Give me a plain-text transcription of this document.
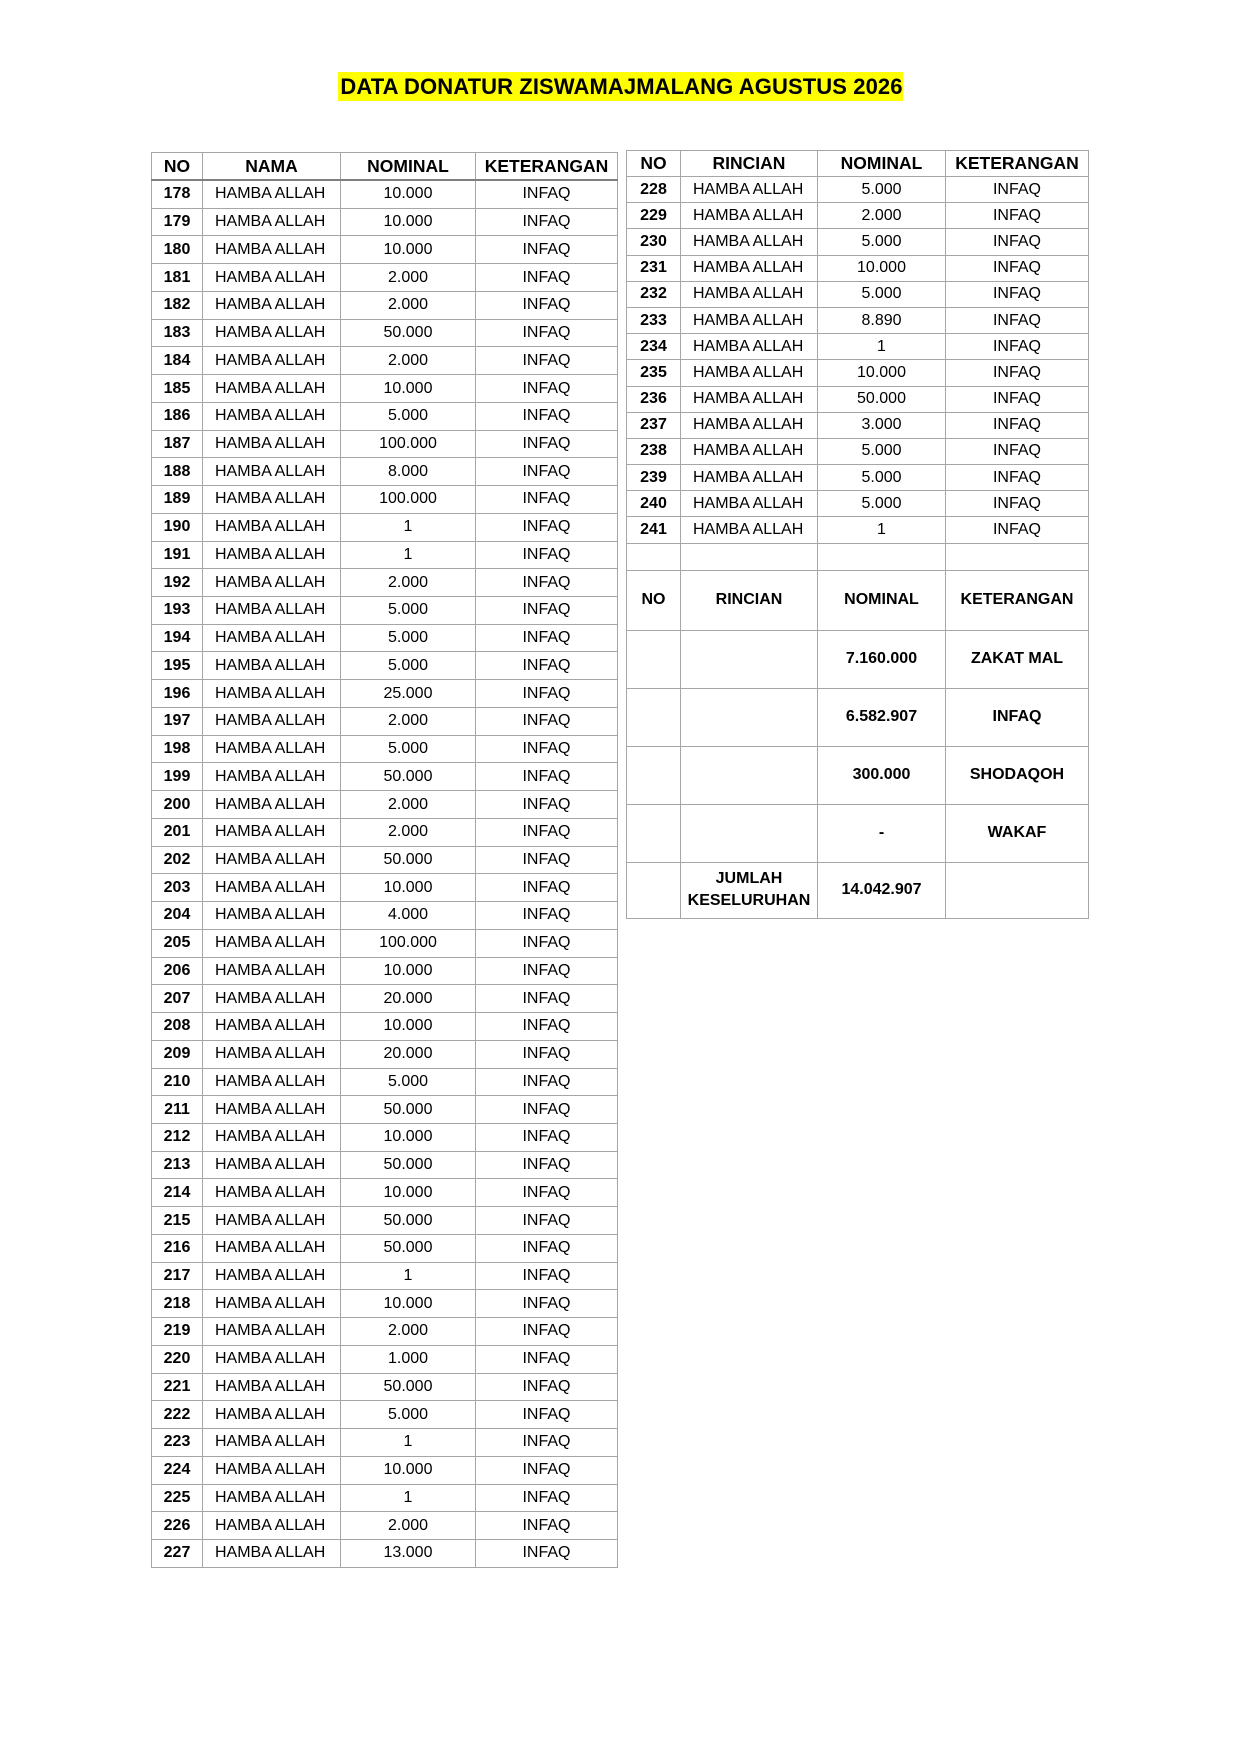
DATA DONATUR ZISWAMAJMALANG AGUSTUS 2026
NO	NAMA	NOMINAL	KETERANGAN
178	HAMBA ALLAH	10.000	INFAQ
179	HAMBA ALLAH	10.000	INFAQ
180	HAMBA ALLAH	10.000	INFAQ
181	HAMBA ALLAH	2.000	INFAQ
182	HAMBA ALLAH	2.000	INFAQ
183	HAMBA ALLAH	50.000	INFAQ
184	HAMBA ALLAH	2.000	INFAQ
185	HAMBA ALLAH	10.000	INFAQ
186	HAMBA ALLAH	5.000	INFAQ
187	HAMBA ALLAH	100.000	INFAQ
188	HAMBA ALLAH	8.000	INFAQ
189	HAMBA ALLAH	100.000	INFAQ
190	HAMBA ALLAH	1	INFAQ
191	HAMBA ALLAH	1	INFAQ
192	HAMBA ALLAH	2.000	INFAQ
193	HAMBA ALLAH	5.000	INFAQ
194	HAMBA ALLAH	5.000	INFAQ
195	HAMBA ALLAH	5.000	INFAQ
196	HAMBA ALLAH	25.000	INFAQ
197	HAMBA ALLAH	2.000	INFAQ
198	HAMBA ALLAH	5.000	INFAQ
199	HAMBA ALLAH	50.000	INFAQ
200	HAMBA ALLAH	2.000	INFAQ
201	HAMBA ALLAH	2.000	INFAQ
202	HAMBA ALLAH	50.000	INFAQ
203	HAMBA ALLAH	10.000	INFAQ
204	HAMBA ALLAH	4.000	INFAQ
205	HAMBA ALLAH	100.000	INFAQ
206	HAMBA ALLAH	10.000	INFAQ
207	HAMBA ALLAH	20.000	INFAQ
208	HAMBA ALLAH	10.000	INFAQ
209	HAMBA ALLAH	20.000	INFAQ
210	HAMBA ALLAH	5.000	INFAQ
211	HAMBA ALLAH	50.000	INFAQ
212	HAMBA ALLAH	10.000	INFAQ
213	HAMBA ALLAH	50.000	INFAQ
214	HAMBA ALLAH	10.000	INFAQ
215	HAMBA ALLAH	50.000	INFAQ
216	HAMBA ALLAH	50.000	INFAQ
217	HAMBA ALLAH	1	INFAQ
218	HAMBA ALLAH	10.000	INFAQ
219	HAMBA ALLAH	2.000	INFAQ
220	HAMBA ALLAH	1.000	INFAQ
221	HAMBA ALLAH	50.000	INFAQ
222	HAMBA ALLAH	5.000	INFAQ
223	HAMBA ALLAH	1	INFAQ
224	HAMBA ALLAH	10.000	INFAQ
225	HAMBA ALLAH	1	INFAQ
226	HAMBA ALLAH	2.000	INFAQ
227	HAMBA ALLAH	13.000	INFAQ
NO	RINCIAN	NOMINAL	KETERANGAN
228	HAMBA ALLAH	5.000	INFAQ
229	HAMBA ALLAH	2.000	INFAQ
230	HAMBA ALLAH	5.000	INFAQ
231	HAMBA ALLAH	10.000	INFAQ
232	HAMBA ALLAH	5.000	INFAQ
233	HAMBA ALLAH	8.890	INFAQ
234	HAMBA ALLAH	1	INFAQ
235	HAMBA ALLAH	10.000	INFAQ
236	HAMBA ALLAH	50.000	INFAQ
237	HAMBA ALLAH	3.000	INFAQ
238	HAMBA ALLAH	5.000	INFAQ
239	HAMBA ALLAH	5.000	INFAQ
240	HAMBA ALLAH	5.000	INFAQ
241	HAMBA ALLAH	1	INFAQ

NO	RINCIAN	NOMINAL	KETERANGAN
		7.160.000	ZAKAT MAL
		6.582.907	INFAQ
		300.000	SHODAQOH
		-	WAKAF
	JUMLAH KESELURUHAN	14.042.907	
